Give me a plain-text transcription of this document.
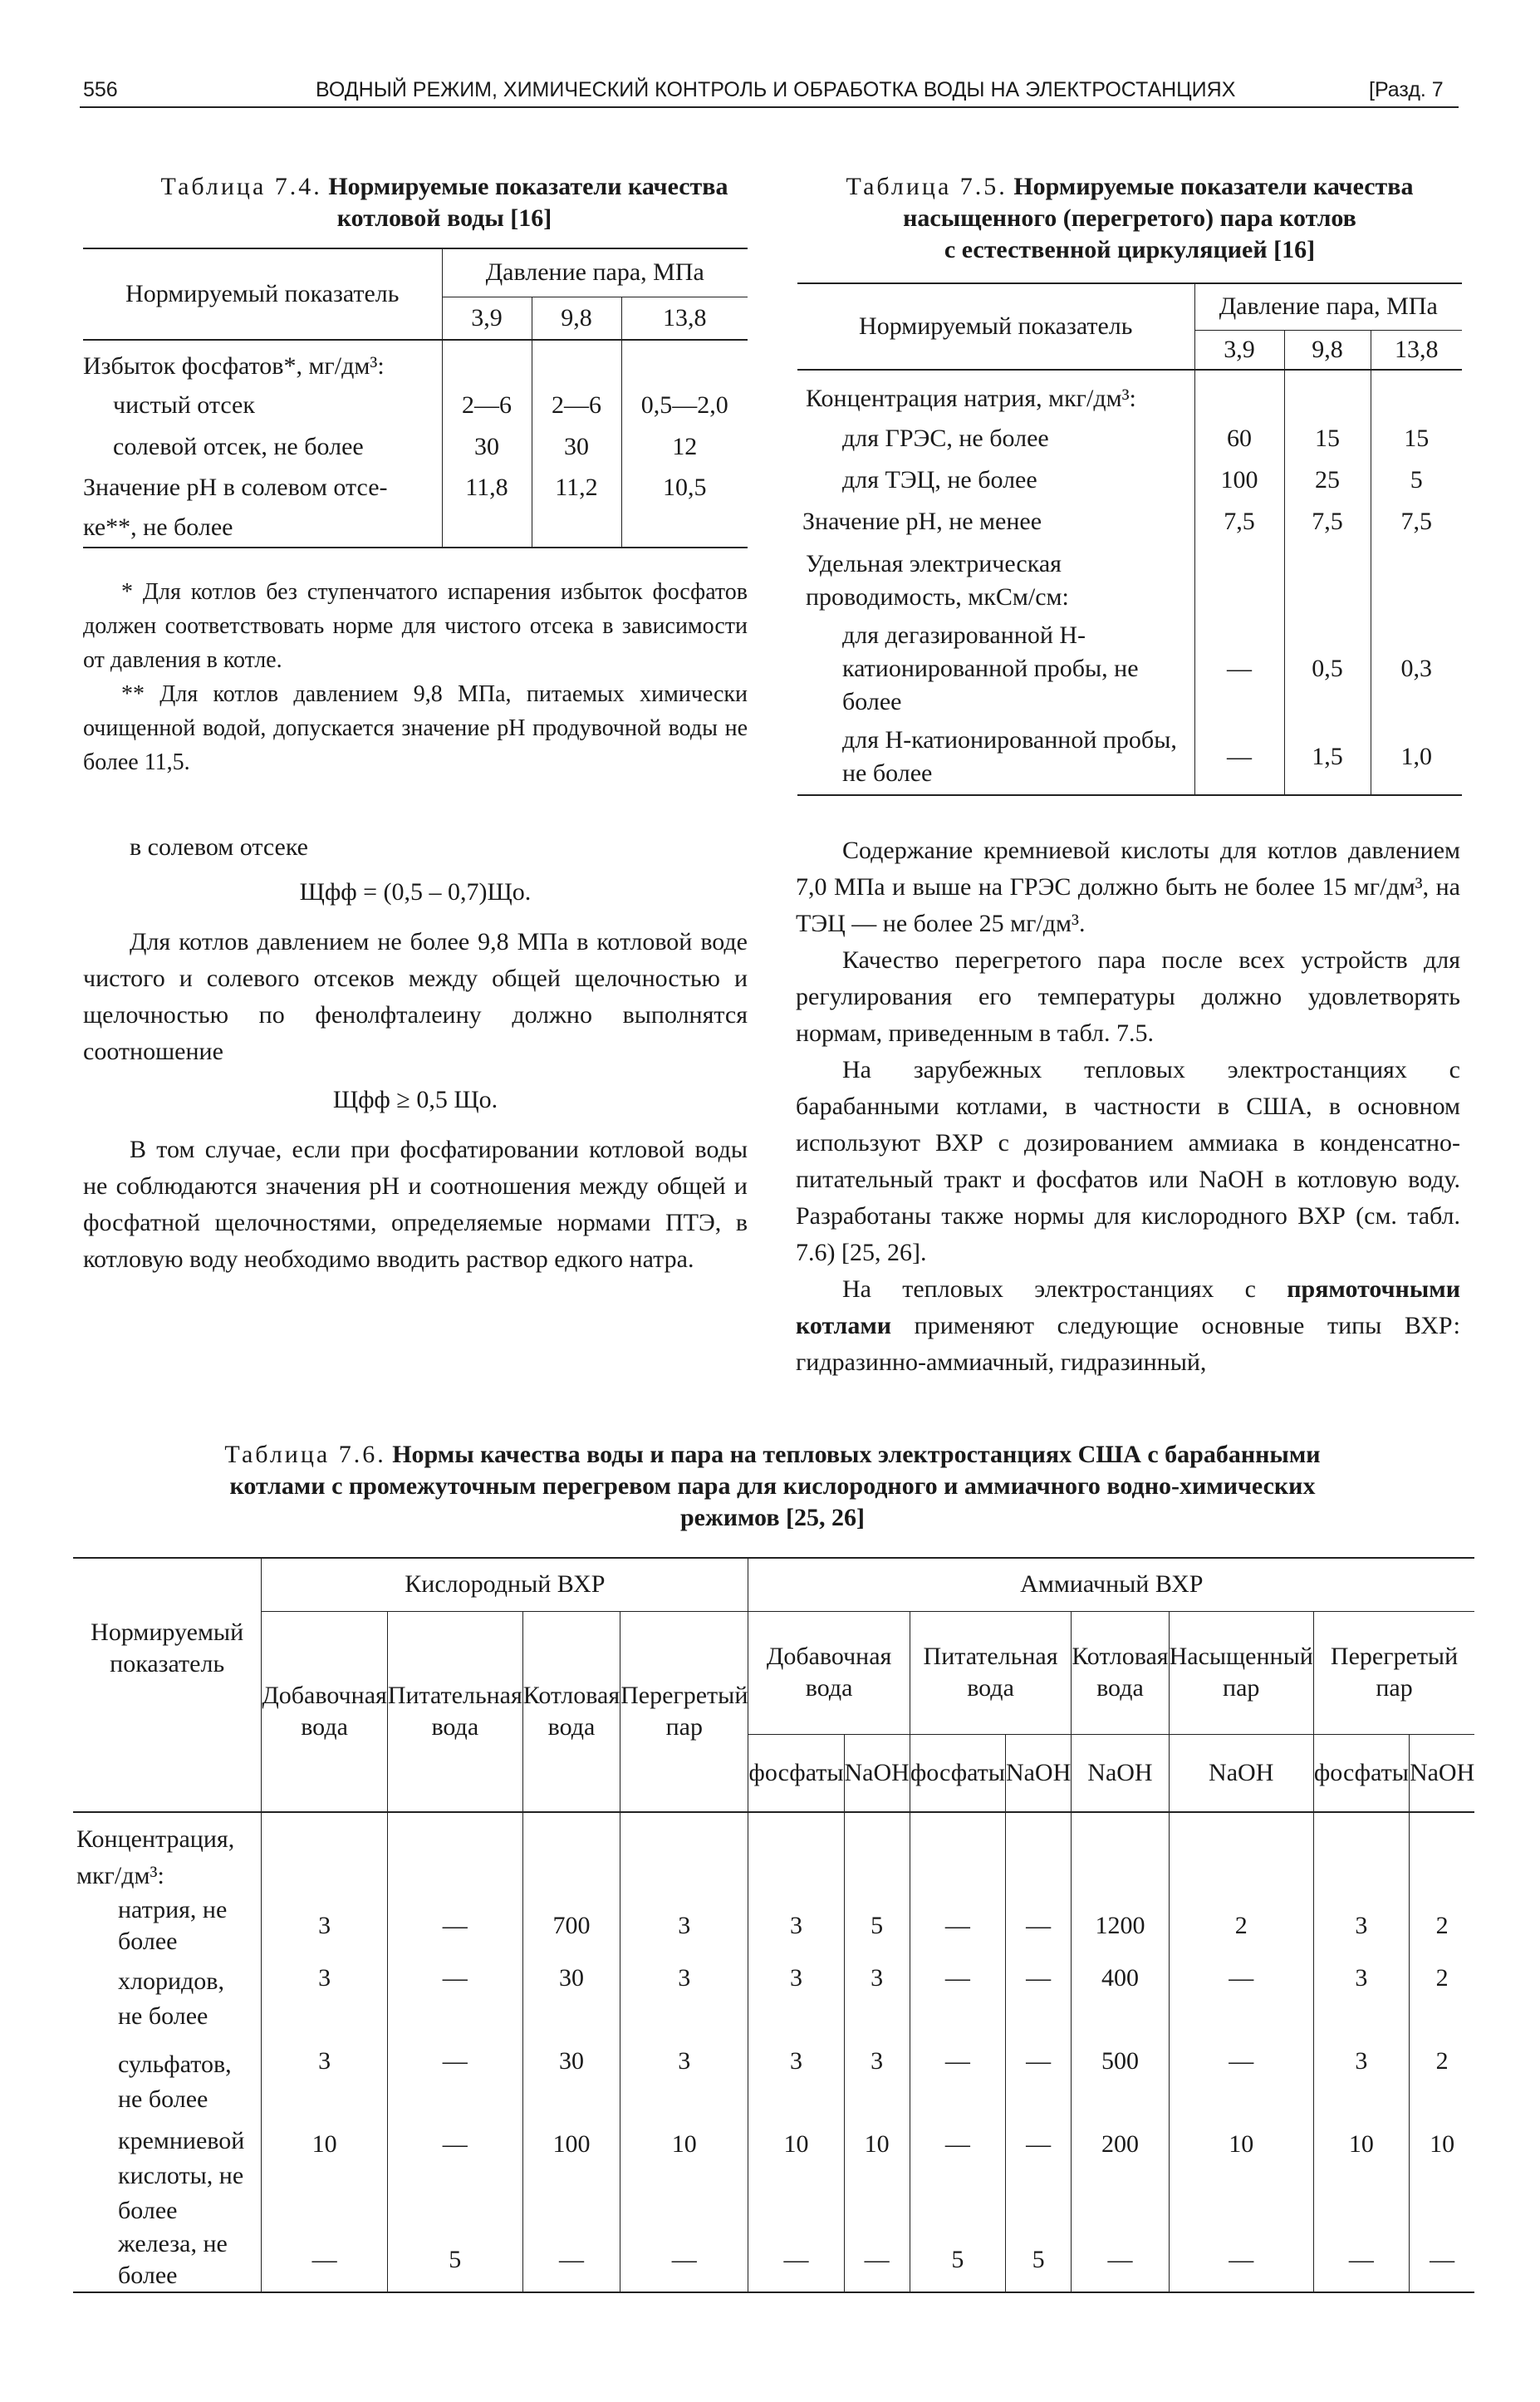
556	ВОДНЫЙ РЕЖИМ, ХИМИЧЕСКИЙ КОНТРОЛЬ И ОБРАБОТКА ВОДЫ НА ЭЛЕКТРОСТАНЦИЯХ	[Разд. 7
Таблица 7.4. Нормируемые показатели качества
котловой воды [16]
Нормируемый показатель	Давление пара, МПа		
	3,9	9,8	13,8
Избыток фосфатов*, мг/дм³:			
чистый отсек	2—6	2—6	0,5—2,0
солевой отсек, не более	30	30	12
Значение pH в солевом отсе-	11,8	11,2	10,5
ке**, не более			

* Для котлов без ступенчатого испарения избыток фосфатов должен соответствовать норме для чистого отсека в зависимости от давления в котле.

** Для котлов давлением 9,8 МПа, питаемых химически очищенной водой, допускается значение pH продувочной воды не более 11,5.

Таблица 7.5. Нормируемые показатели качества
насыщенного (перегретого) пара котлов
с естественной циркуляцией [16]
Нормируемый показатель	Давление пара, МПа		
	3,9	9,8	13,8
Концентрация натрия, мкг/дм³:			
для ГРЭС, не более	60	15	15
для ТЭЦ, не более	100	25	5
Значение pH, не менее	7,5	7,5	7,5
Удельная электрическая проводимость, мкСм/см:			
для дегазированной H-катионированной пробы, не более	—	0,5	0,3
для H-катионированной пробы, не более	—	1,5	1,0

в солевом отсеке

Щфф = (0,5 – 0,7)Що.

Для котлов давлением не более 9,8 МПа в котловой воде чистого и солевого отсеков между общей щелочностью и щелочностью по фенолфталеину должно выполнятся соотношение

Щфф ≥ 0,5 Що.

В том случае, если при фосфатировании котловой воды не соблюдаются значения pH и соотношения между общей и фосфатной щелочностями, определяемые нормами ПТЭ, в котловую воду необходимо вводить раствор едкого натра.

Содержание кремниевой кислоты для котлов давлением 7,0 МПа и выше на ГРЭС должно быть не более 15 мг/дм³, на ТЭЦ — не более 25 мг/дм³.

Качество перегретого пара после всех устройств для регулирования его температуры должно удовлетворять нормам, приведенным в табл. 7.5.

На зарубежных тепловых электростанциях с барабанными котлами, в частности в США, в основном используют ВХР с дозированием аммиака в конденсатно-питательный тракт и фосфатов или NaOH в котловую воду. Разработаны также нормы для кислородного ВХР (см. табл. 7.6) [25, 26].

На тепловых электростанциях с прямоточными котлами применяют следующие основные типы ВХР: гидразинно-аммиачный, гидразинный,

Таблица 7.6. Нормы качества воды и пара на тепловых электростанциях США с барабанными
котлами с промежуточным перегревом пара для кислородного и аммиачного водно-химических
режимов [25, 26]
Нормируемый показатель	Кислородный ВХР				Аммиачный ВХР							
	Добавочная вода	Питательная вода	Котловая вода	Перегретый пар	Добавочная вода		Питательная вода		Котловая вода	Насыщенный пар	Перегретый пар	
					фосфаты	NaOH	фосфаты	NaOH	NaOH	NaOH	фосфаты	NaOH
Концентрация, мкг/дм³:												
натрия, не более	3	—	700	3	3	5	—	—	1200	2	3	2
хлоридов, не более	3	—	30	3	3	3	—	—	400	—	3	2
сульфатов, не более	3	—	30	3	3	3	—	—	500	—	3	2
кремниевой кислоты, не более	10	—	100	10	10	10	—	—	200	10	10	10
железа, не более	—	5	—	—	—	—	5	5	—	—	—	—
